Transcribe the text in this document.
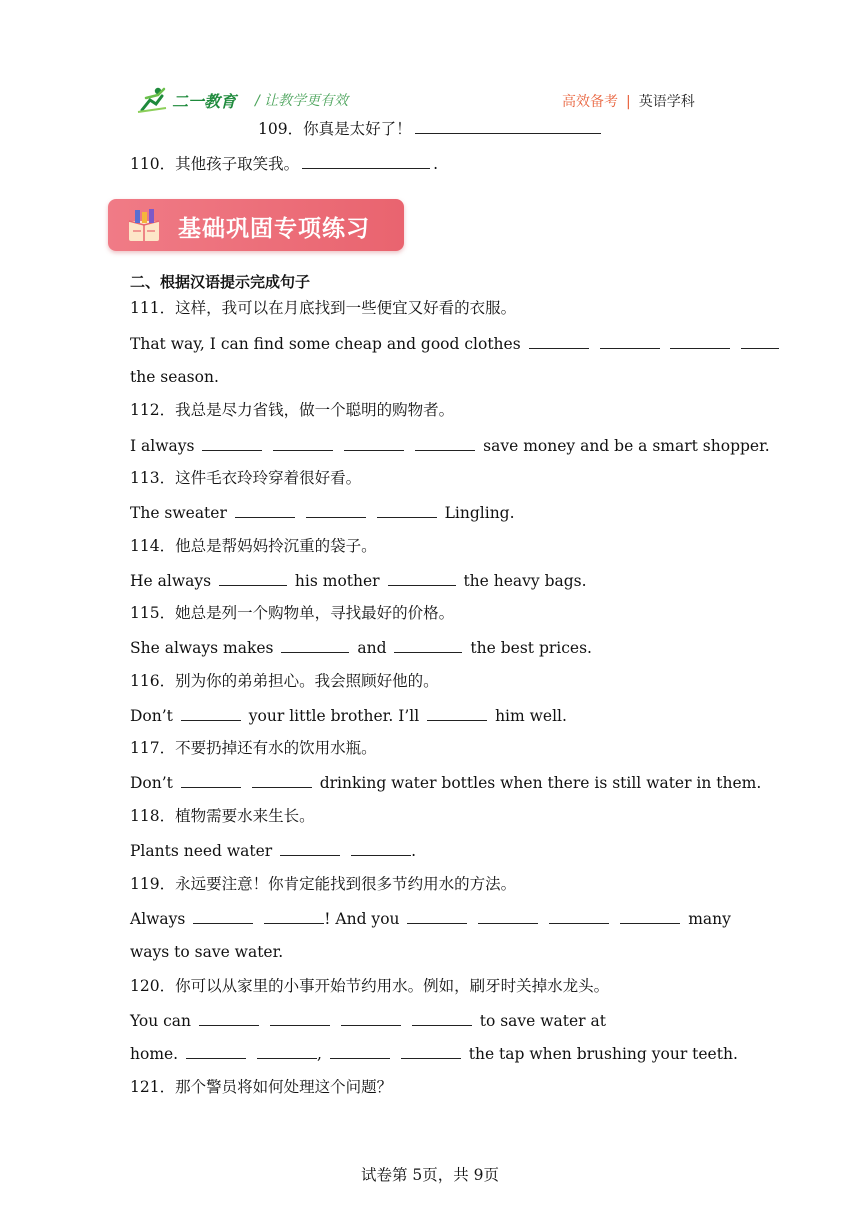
二一教育 / 让教学更有效	高效备考 | 英语学科
109．你真是太好了！
110．其他孩子取笑我。	.
基础巩固专项练习
二、根据汉语提示完成句子
111．这样，我可以在月底找到一些便宜又好看的衣服。
That way, I can find some cheap and good clothes
the season.
112．我总是尽力省钱，做一个聪明的购物者。
I always	save money and be a smart shopper.
113．这件毛衣玲玲穿着很好看。
The sweater	Lingling.
114．他总是帮妈妈拎沉重的袋子。
He always	his mother	the heavy bags.
115．她总是列一个购物单，寻找最好的价格。
She always makes	and	the best prices.
116．别为你的弟弟担心。我会照顾好他的。
Don’t	your little brother. I’ll	him well.
117．不要扔掉还有水的饮用水瓶。
Don’t	drinking water bottles when there is still water in them.
118．植物需要水来生长。
Plants need water	.
119．永远要注意！你肯定能找到很多节约用水的方法。
Always	! And you	many
ways to save water.
120．你可以从家里的小事开始节约用水。例如，刷牙时关掉水龙头。
You can	to save water at
home.	,	the tap when brushing your teeth.
121．那个警员将如何处理这个问题？
试卷第 5页，共 9页
